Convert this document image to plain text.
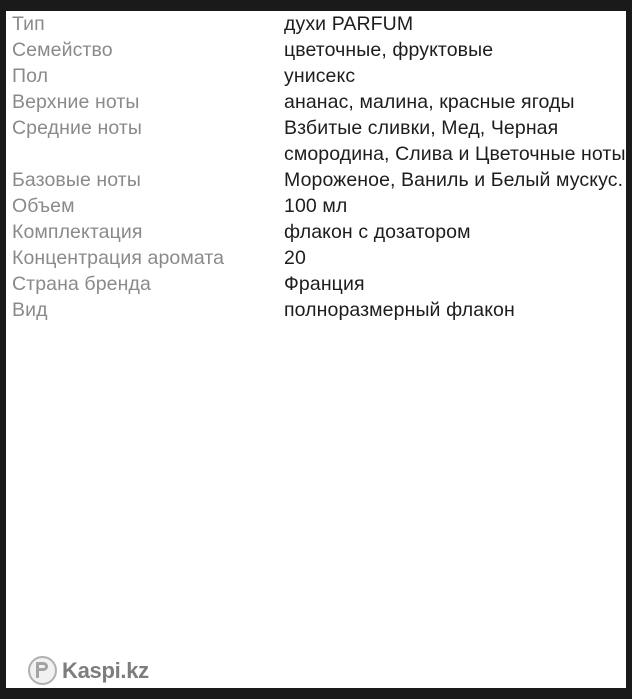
Тип	духи PARFUM
Семейство	цветочные, фруктовые
Пол	унисекс
Верхние ноты	ананас, малина, красные ягоды
Средние ноты	Взбитые сливки, Мед, Черная смородина, Слива и Цветочные ноты
Базовые ноты	Мороженое, Ваниль и Белый мускус.
Объем	100 мл
Комплектация	флакон с дозатором
Концентрация аромата	20
Страна бренда	Франция
Вид	полноразмерный флакон
Kaspi.kz
